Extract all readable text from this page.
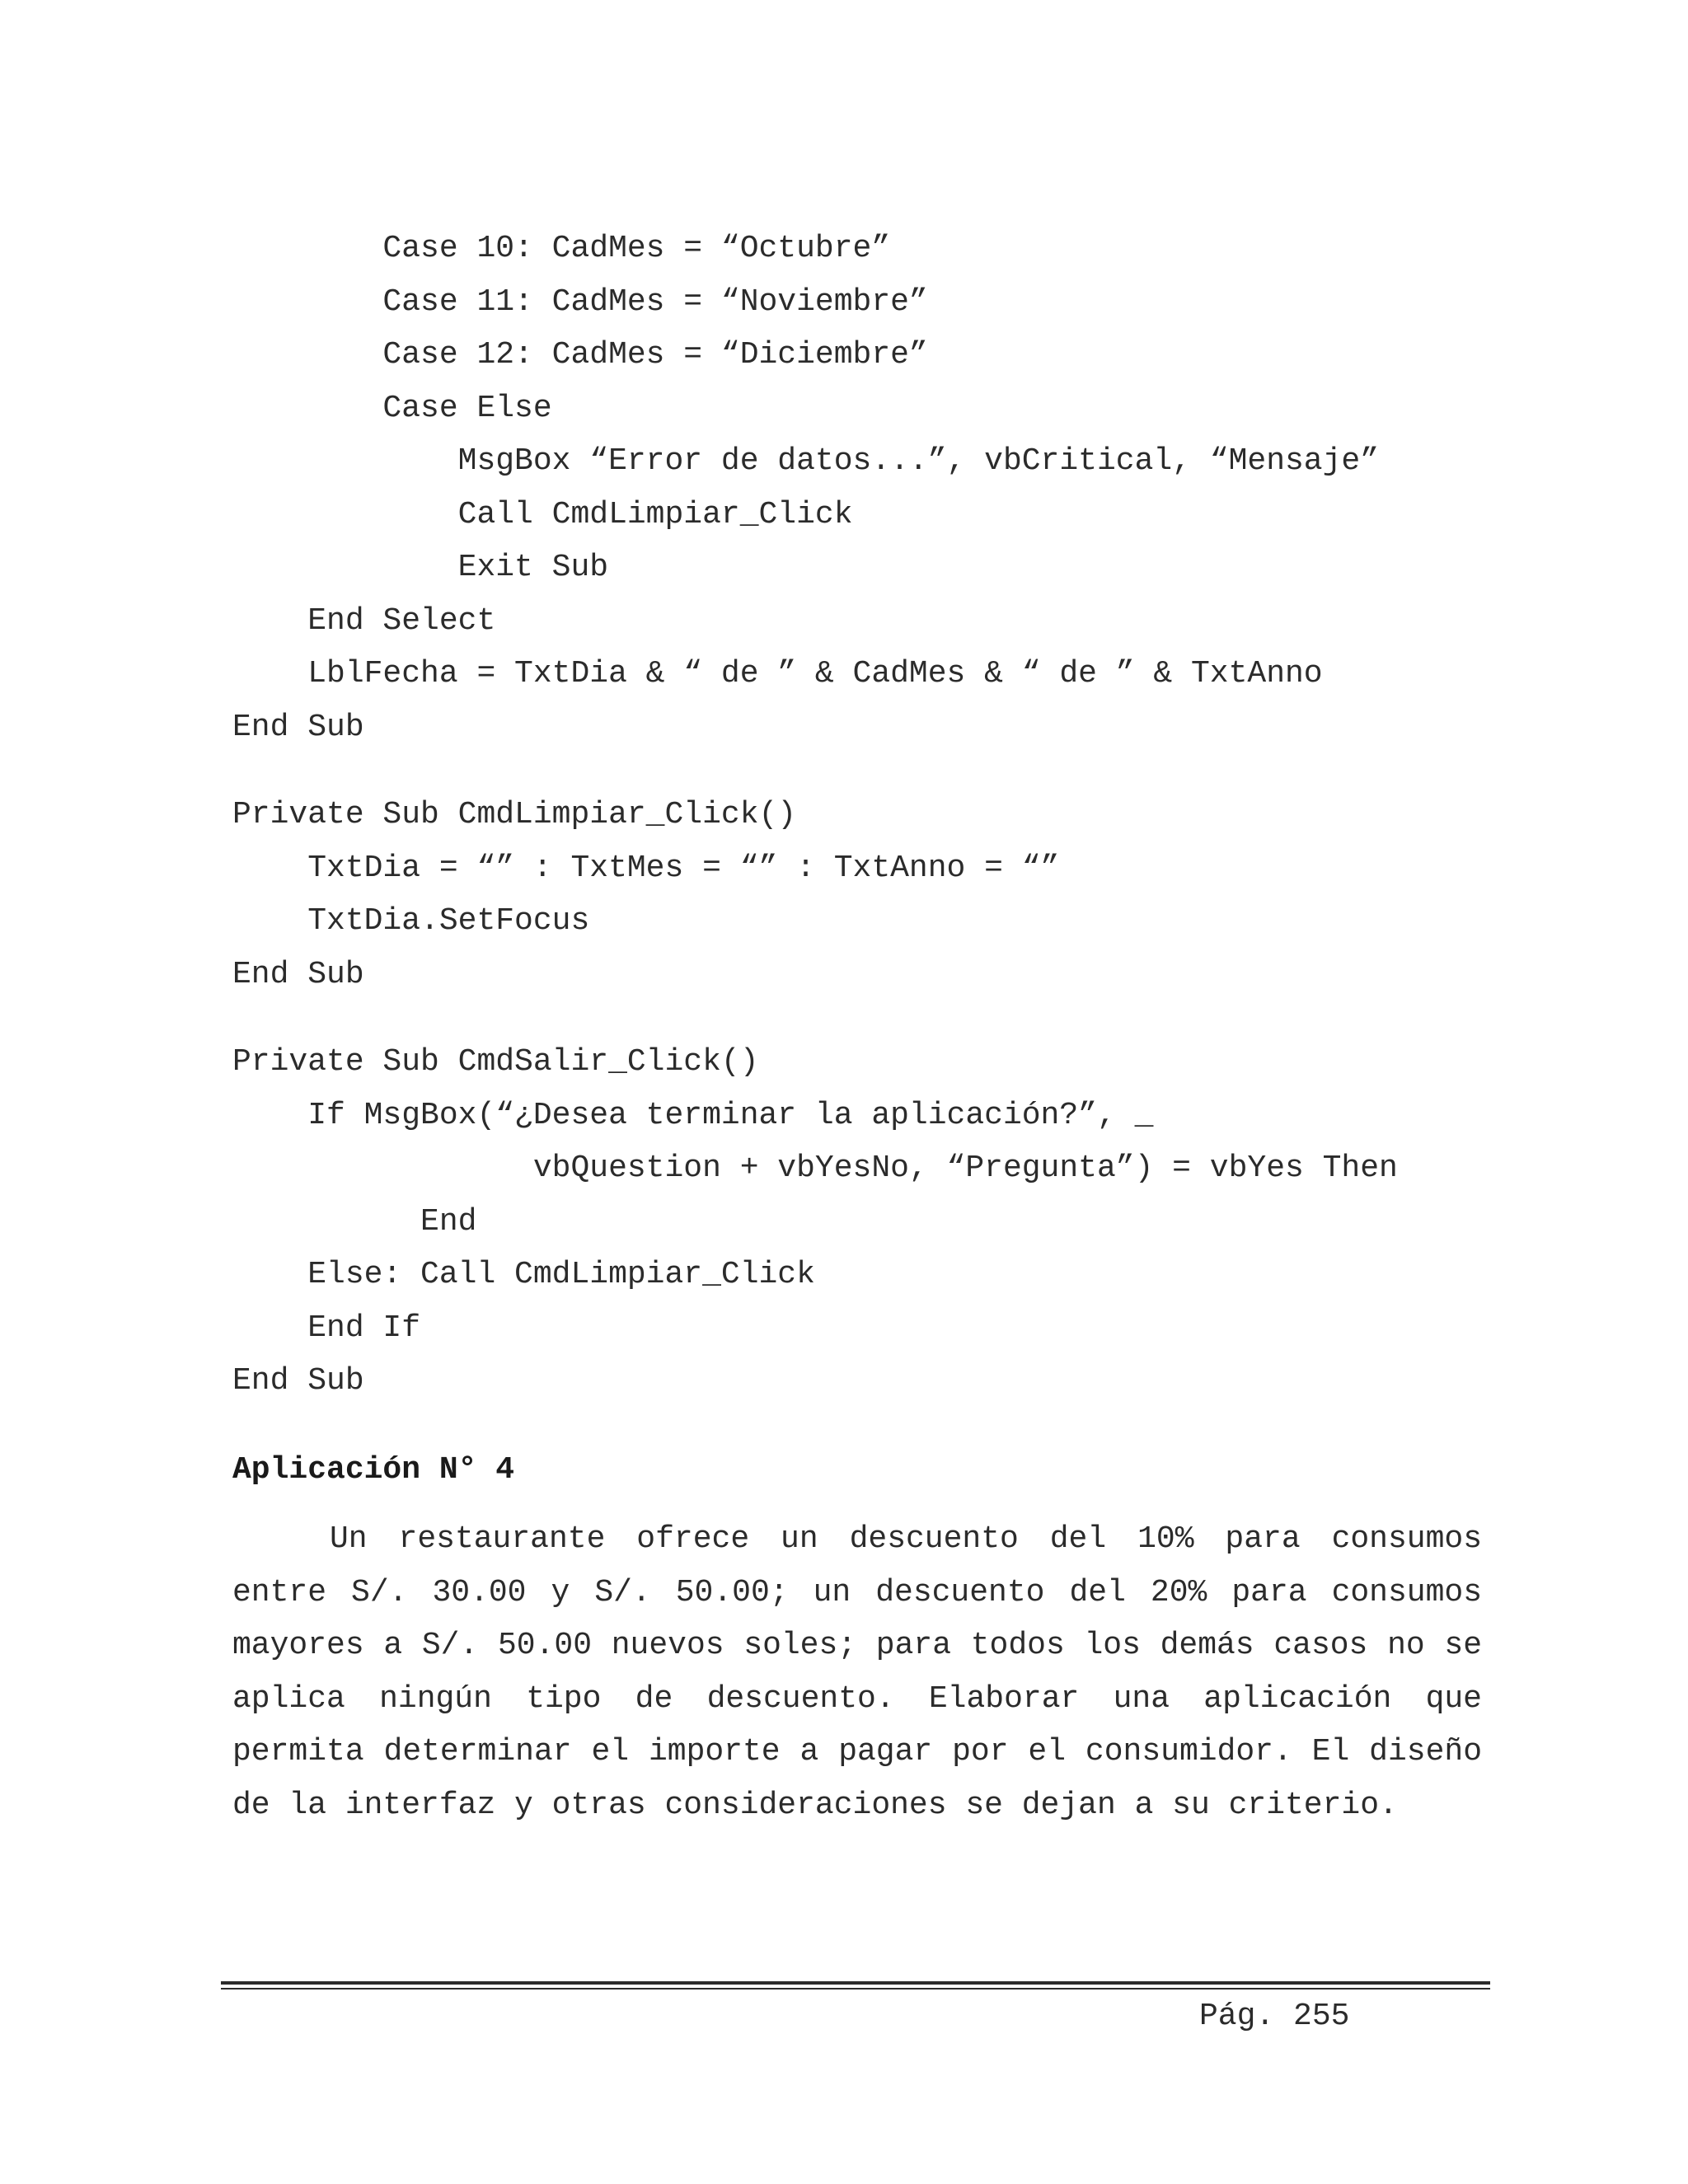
Case 10: CadMes = “Octubre”
Case 11: CadMes = “Noviembre”
Case 12: CadMes = “Diciembre”
Case Else
MsgBox “Error de datos...”, vbCritical, “Mensaje”
Call CmdLimpiar_Click
Exit Sub
End Select
LblFecha = TxtDia & “ de ” & CadMes & “ de ” & TxtAnno
End Sub
Private Sub CmdLimpiar_Click()
TxtDia = “” : TxtMes = “” : TxtAnno = “”
TxtDia.SetFocus
End Sub
Private Sub CmdSalir_Click()
If MsgBox(“¿Desea terminar la aplicación?”, _
vbQuestion + vbYesNo, “Pregunta”) = vbYes Then
End
Else: Call CmdLimpiar_Click
End If
End Sub
Aplicación N° 4

Un restaurante ofrece un descuento del 10% para consumos entre S/. 30.00 y S/. 50.00; un descuento del 20% para consumos mayores a S/. 50.00 nuevos soles; para todos los demás casos no se aplica ningún tipo de descuento. Elaborar una aplicación que permita determinar el importe a pagar por el consumidor. El diseño de la interfaz y otras consideraciones se dejan a su criterio.

Pág. 255
